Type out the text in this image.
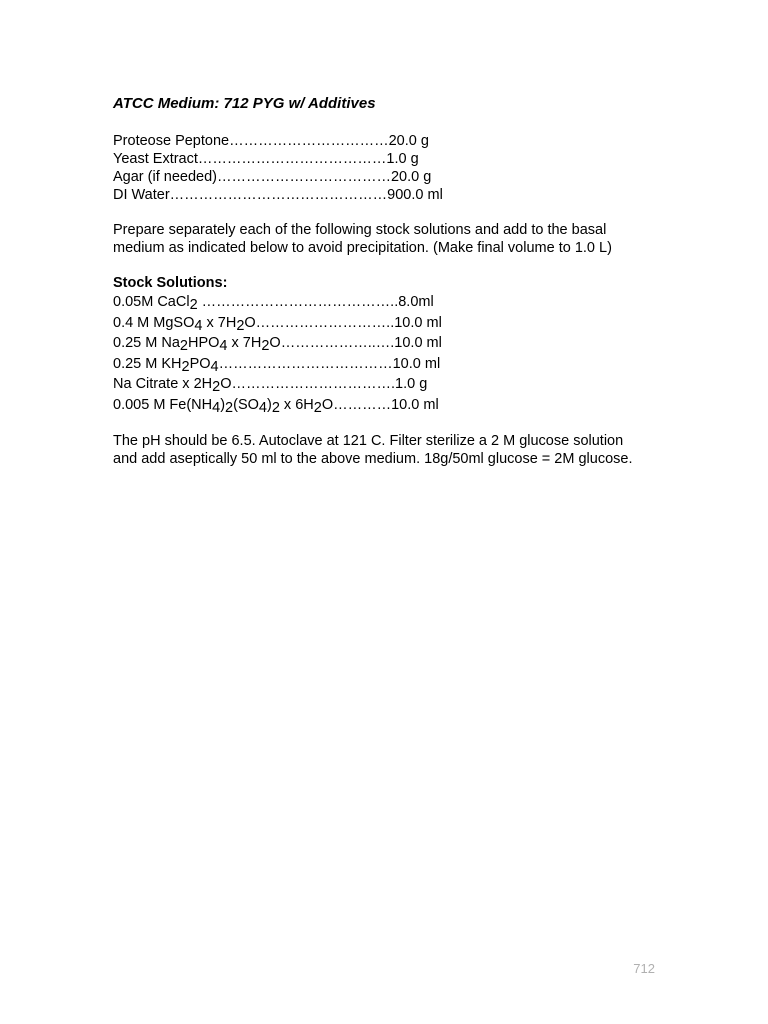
ATCC Medium: 712 PYG w/ Additives
Proteose Peptone……………………………20.0 g
Yeast Extract…………………………………1.0 g
Agar (if needed)………………………………20.0 g
DI Water………………………………………900.0 ml
Prepare separately each of the following stock solutions and add to the basal
medium as indicated below to avoid precipitation. (Make final volume to 1.0 L)
Stock Solutions:
0.05M CaCl$_2$ …………………………………..8.0ml
0.4 M MgSO$_4$ x $7H_2O\dots\dots\dots\dots\dots\dots\dots\dots\dots..10.0$ ml
0.25 M $Na_2HPO_4$ x $7H_2O\dots\dots\dots\dots\dots\dots..\dots.10.0$ ml
0.25 M $KH_2PO_4\dots\dots\dots\dots\dots\dots\dots\dots\dots\dots\dots\dots 10.0$ ml
Na Citrate x $2H_2O\dots\dots\dots\dots\dots\dots\dots\dots\dots\dots\dots.1.0$ g
0.005 M $Fe(NH_4)_2(SO_4)_2$ x $6H_2O\dots\dots\dots\dots 10.0$ ml
The pH should be 6.5. Autoclave at 121 C. Filter sterilize a 2 M glucose solution
and add aseptically 50 ml to the above medium. 18g/50ml glucose = 2M glucose.
712
